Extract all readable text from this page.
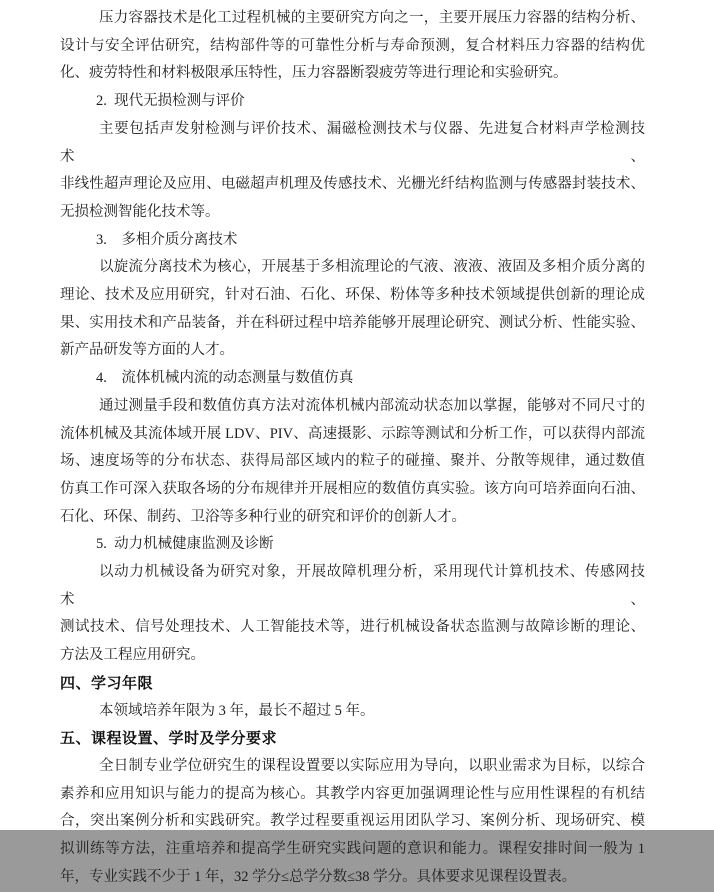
压力容器技术是化工过程机械的主要研究方向之一，主要开展压力容器的结构分析、
设计与安全评估研究，结构部件等的可靠性分析与寿命预测，复合材料压力容器的结构优
化、疲劳特性和材料极限承压特性，压力容器断裂疲劳等进行理论和实验研究。
2. 现代无损检测与评价
主要包括声发射检测与评价技术、漏磁检测技术与仪器、先进复合材料声学检测技术、
非线性超声理论及应用、电磁超声机理及传感技术、光栅光纤结构监测与传感器封装技术、
无损检测智能化技术等。
3. 多相介质分离技术
以旋流分离技术为核心，开展基于多相流理论的气液、液液、液固及多相介质分离的
理论、技术及应用研究，针对石油、石化、环保、粉体等多种技术领域提供创新的理论成
果、实用技术和产品装备，并在科研过程中培养能够开展理论研究、测试分析、性能实验、
新产品研发等方面的人才。
4. 流体机械内流的动态测量与数值仿真
通过测量手段和数值仿真方法对流体机械内部流动状态加以掌握，能够对不同尺寸的
流体机械及其流体域开展 LDV、PIV、高速摄影、示踪等测试和分析工作，可以获得内部流
场、速度场等的分布状态、获得局部区域内的粒子的碰撞、聚并、分散等规律，通过数值
仿真工作可深入获取各场的分布规律并开展相应的数值仿真实验。该方向可培养面向石油、
石化、环保、制药、卫浴等多种行业的研究和评价的创新人才。
5. 动力机械健康监测及诊断
以动力机械设备为研究对象，开展故障机理分析，采用现代计算机技术、传感网技术、
测试技术、信号处理技术、人工智能技术等，进行机械设备状态监测与故障诊断的理论、
方法及工程应用研究。
四、学习年限
本领域培养年限为 3 年，最长不超过 5 年。
五、课程设置、学时及学分要求
全日制专业学位研究生的课程设置要以实际应用为导向，以职业需求为目标，以综合
素养和应用知识与能力的提高为核心。其教学内容更加强调理论性与应用性课程的有机结
合，突出案例分析和实践研究。教学过程要重视运用团队学习、案例分析、现场研究、模
拟训练等方法，注重培养和提高学生研究实践问题的意识和能力。课程安排时间一般为 1
年，专业实践不少于 1 年，32 学分≤总学分数≤38 学分。具体要求见课程设置表。
